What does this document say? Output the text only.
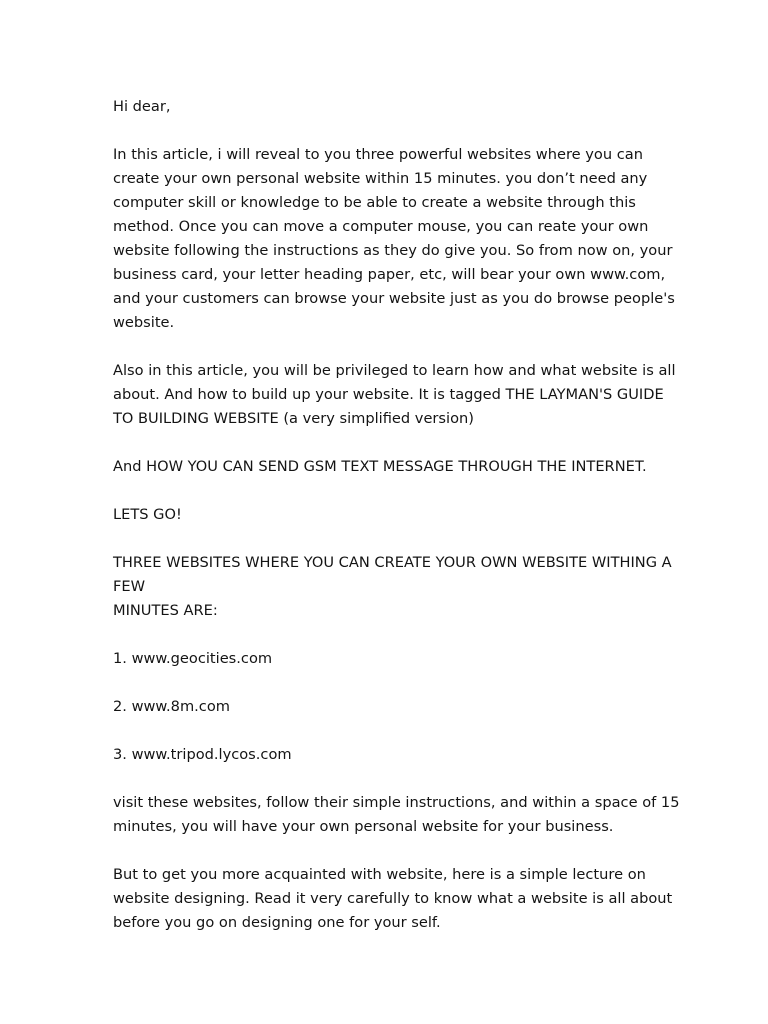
Hi dear,

In this article, i will reveal to you three powerful websites where you can
create your own personal website within 15 minutes. you don’t need any
computer skill or knowledge to be able to create a website through this
method. Once you can move a computer mouse, you can reate your own
website following the instructions as they do give you. So from now on, your
business card, your letter heading paper, etc, will bear your own www.com,
and your customers can browse your website just as you do browse people's
website.

Also in this article, you will be privileged to learn how and what website is all
about. And how to build up your website. It is tagged THE LAYMAN'S GUIDE
TO BUILDING WEBSITE (a very simplified version)

And HOW YOU CAN SEND GSM TEXT MESSAGE THROUGH THE INTERNET.

LETS GO!

THREE WEBSITES WHERE YOU CAN CREATE YOUR OWN WEBSITE WITHING A
FEW
MINUTES ARE:

1. www.geocities.com

2. www.8m.com

3. www.tripod.lycos.com

visit these websites, follow their simple instructions, and within a space of 15
minutes, you will have your own personal website for your business.

But to get you more acquainted with website, here is a simple lecture on
website designing. Read it very carefully to know what a website is all about
before you go on designing one for your self.
